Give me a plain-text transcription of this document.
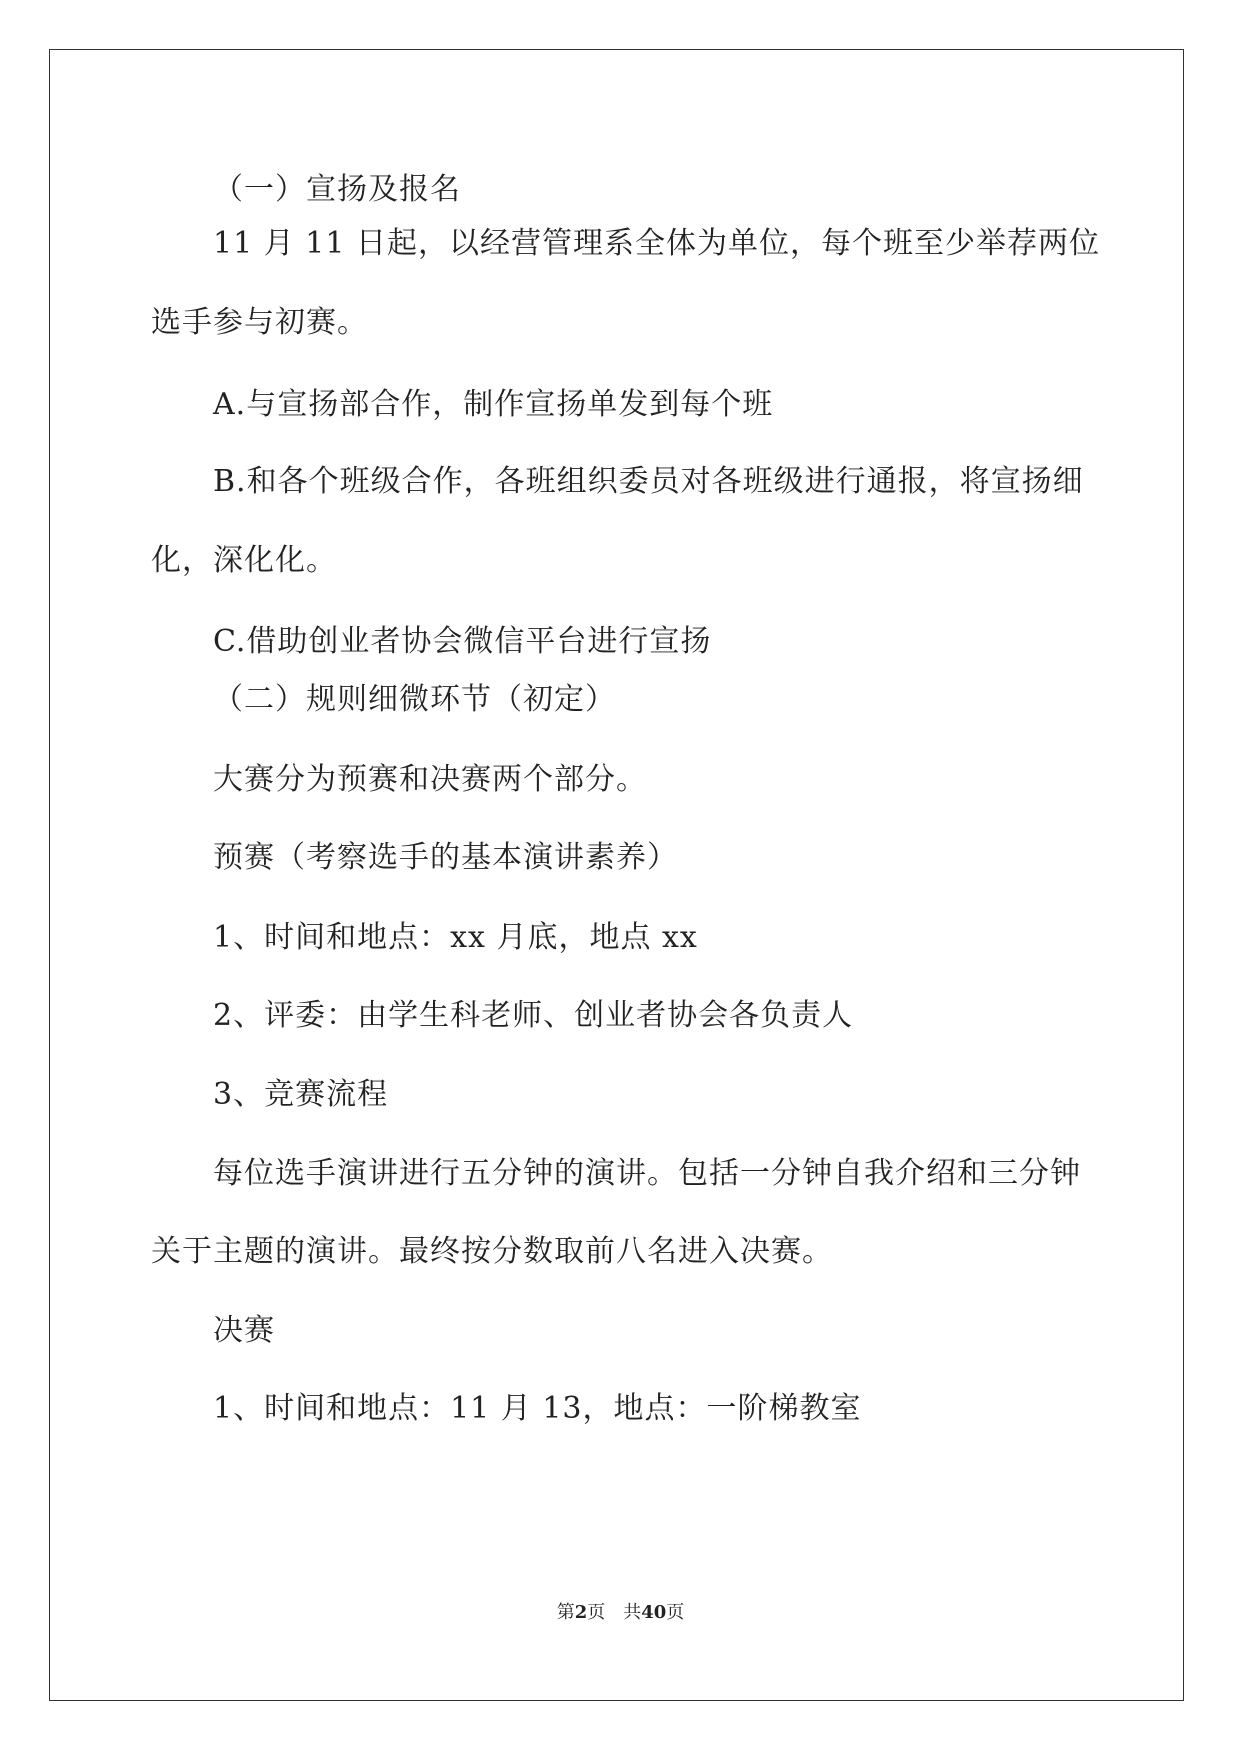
（一）宣扬及报名
11 月 11 日起，以经营管理系全体为单位，每个班至少举荐两位
选手参与初赛。
A.与宣扬部合作，制作宣扬单发到每个班
B.和各个班级合作，各班组织委员对各班级进行通报，将宣扬细
化，深化化。
C.借助创业者协会微信平台进行宣扬
（二）规则细微环节（初定）
大赛分为预赛和决赛两个部分。
预赛（考察选手的基本演讲素养）
1、时间和地点：xx 月底，地点 xx
2、评委：由学生科老师、创业者协会各负责人
3、竞赛流程
每位选手演讲进行五分钟的演讲。包括一分钟自我介绍和三分钟
关于主题的演讲。最终按分数取前八名进入决赛。
决赛
1、时间和地点：11 月 13，地点：一阶梯教室
第2页　共40页
